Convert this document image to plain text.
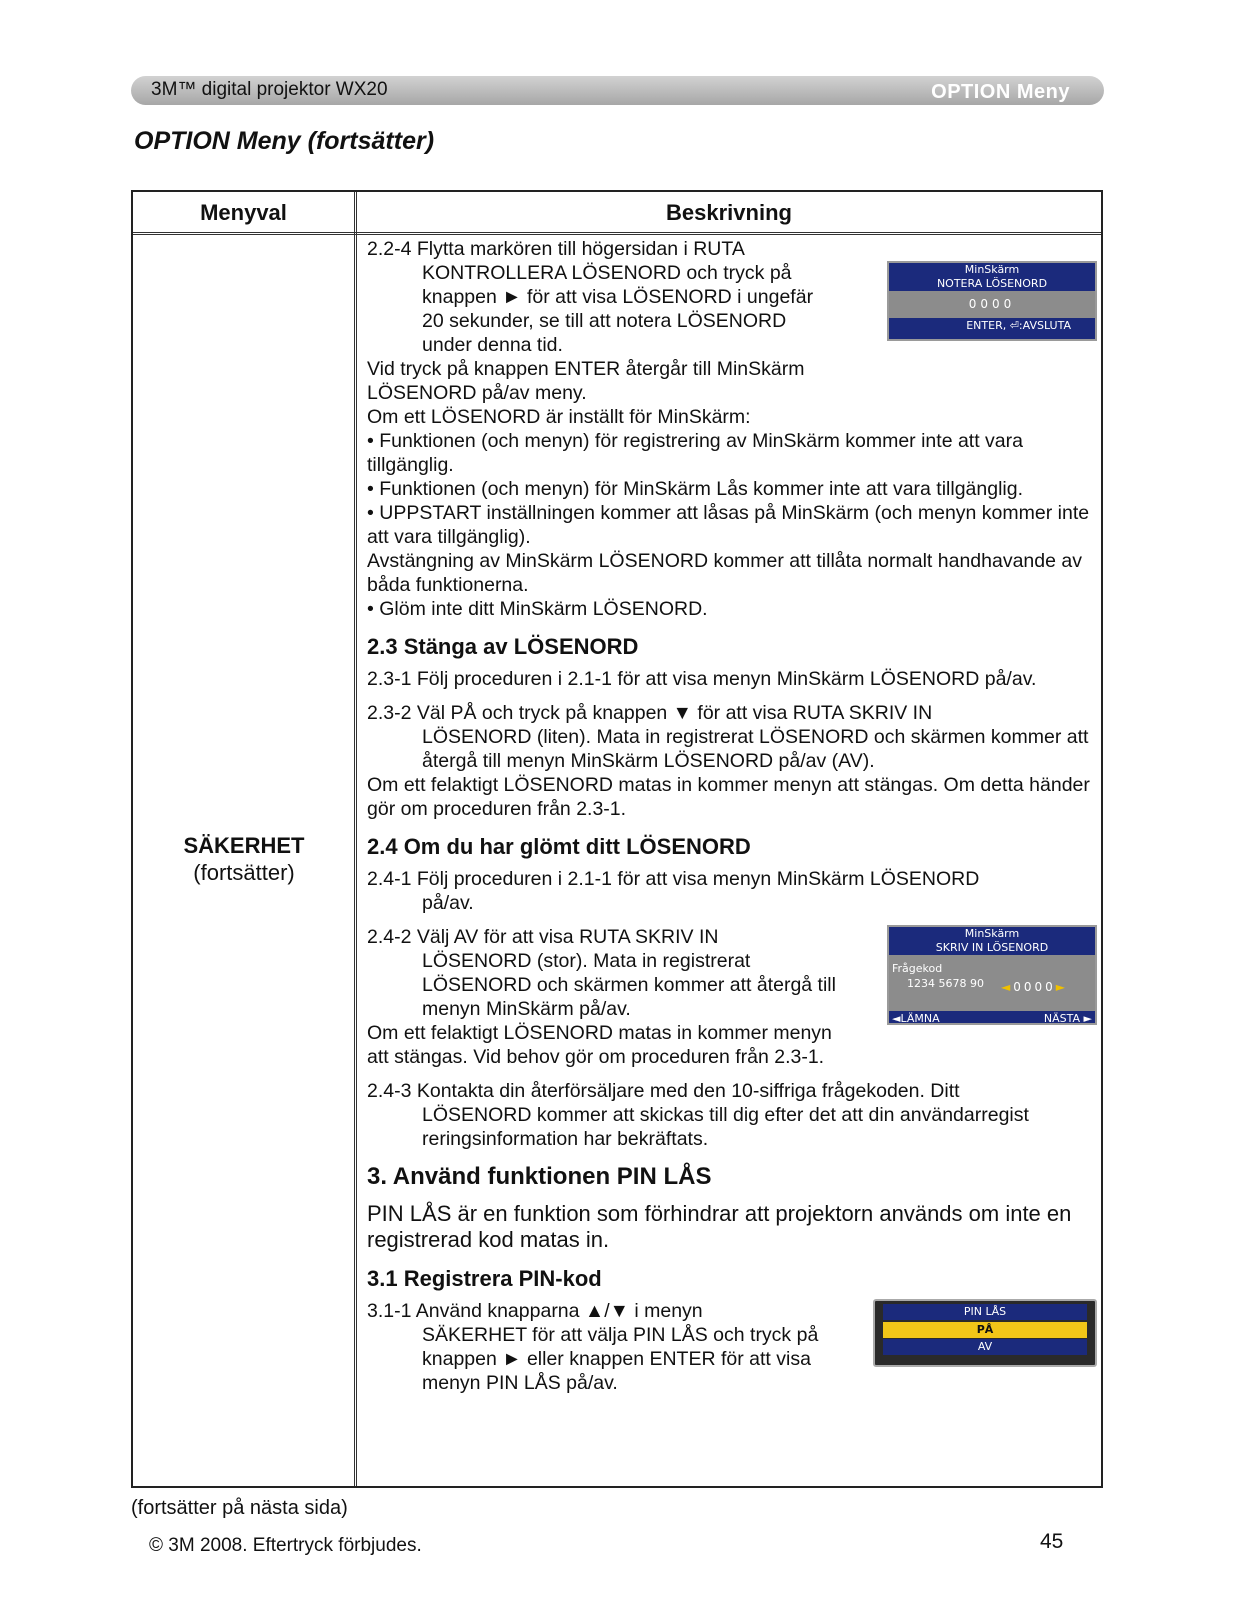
3M™ digital projektor WX20	OPTION Meny
OPTION Meny (fortsätter)
Menyval	Beskrivning
SÄKERHET
(fortsätter)

2.2-4 Flytta markören till högersidan i RUTA

KONTROLLERA LÖSENORD och tryck på

knappen ► för att visa LÖSENORD i ungefär

20 sekunder, se till att notera LÖSENORD

under denna tid.

Vid tryck på knappen ENTER återgår till MinSkärm

LÖSENORD på/av meny.

MinSkärm
NOTERA LÖSENORD
0000
ENTER, ⏎:AVSLUTA

Om ett LÖSENORD är inställt för MinSkärm:

• Funktionen (och menyn) för registrering av MinSkärm kommer inte att vara tillgänglig.

• Funktionen (och menyn) för MinSkärm Lås kommer inte att vara tillgänglig.

• UPPSTART inställningen kommer att låsas på MinSkärm (och menyn kommer inte att vara tillgänglig).

Avstängning av MinSkärm LÖSENORD kommer att tillåta normalt handhavande av båda funktionerna.

• Glöm inte ditt MinSkärm LÖSENORD.

2.3 Stänga av LÖSENORD

2.3-1 Följ proceduren i 2.1-1 för att visa menyn MinSkärm LÖSENORD på/av.

2.3-2 Väl PÅ och tryck på knappen ▼ för att visa RUTA SKRIV IN

LÖSENORD (liten). Mata in registrerat LÖSENORD och skärmen kommer att återgå till menyn MinSkärm LÖSENORD på/av (AV).

Om ett felaktigt LÖSENORD matas in kommer menyn att stängas. Om detta händer gör om proceduren från 2.3-1.

2.4 Om du har glömt ditt LÖSENORD

2.4-1 Följ proceduren i 2.1-1 för att visa menyn MinSkärm LÖSENORD

på/av.

2.4-2 Välj AV för att visa RUTA SKRIV IN

LÖSENORD (stor). Mata in registrerat LÖSENORD och skärmen kommer att återgå till menyn MinSkärm på/av.

Om ett felaktigt LÖSENORD matas in kommer menyn att stängas. Vid behov gör om proceduren från 2.3-1.

MinSkärm
SKRIV IN LÖSENORD
Frågekod
1234 5678 90 ◄0000►
◄LÄMNA	NÄSTA ►

2.4-3 Kontakta din återförsäljare med den 10-siffriga frågekoden. Ditt

LÖSENORD kommer att skickas till dig efter det att din användarregist reringsinformation har bekräftats.

3. Använd funktionen PIN LÅS

PIN LÅS är en funktion som förhindrar att projektorn används om inte en registrerad kod matas in.

3.1 Registrera PIN-kod

3.1-1 Använd knapparna ▲/▼ i menyn

SÄKERHET för att välja PIN LÅS och tryck på knappen ► eller knappen ENTER för att visa menyn PIN LÅS på/av.

PIN LÅS
PÅ
AV
(fortsätter på nästa sida)
© 3M 2008. Eftertryck förbjudes.	45
